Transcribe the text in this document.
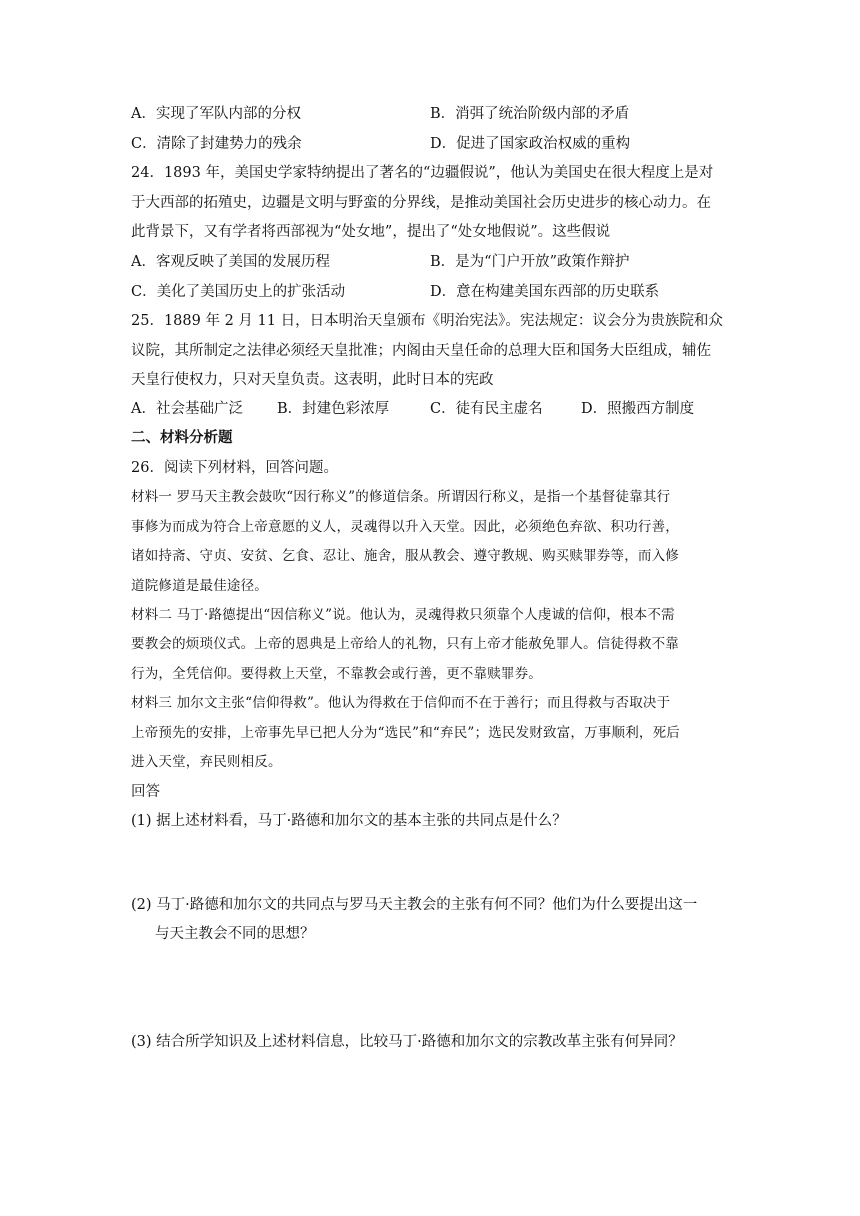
A．实现了军队内部的分权	B．消弭了统治阶级内部的矛盾
C．清除了封建势力的残余	D．促进了国家政治权威的重构
24．1893 年，美国史学家特纳提出了著名的“边疆假说”，他认为美国史在很大程度上是对
于大西部的拓殖史，边疆是文明与野蛮的分界线，是推动美国社会历史进步的核心动力。在
此背景下，又有学者将西部视为“处女地”，提出了“处女地假说”。这些假说
A．客观反映了美国的发展历程	B．是为“门户开放”政策作辩护
C．美化了美国历史上的扩张活动	D．意在构建美国东西部的历史联系
25．1889 年 2 月 11 日，日本明治天皇颁布《明治宪法》。宪法规定：议会分为贵族院和众
议院，其所制定之法律必须经天皇批准；内阁由天皇任命的总理大臣和国务大臣组成，辅佐
天皇行使权力，只对天皇负责。这表明，此时日本的宪政
A．社会基础广泛 B．封建色彩浓厚	C．徒有民主虚名	D．照搬西方制度
二、材料分析题
26．阅读下列材料，回答问题。
材料一 罗马天主教会鼓吹“因行称义”的修道信条。所谓因行称义，是指一个基督徒靠其行
事修为而成为符合上帝意愿的义人，灵魂得以升入天堂。因此，必须绝色弃欲、积功行善，
诸如持斋、守贞、安贫、乞食、忍让、施舍，服从教会、遵守教规、购买赎罪券等，而入修
道院修道是最佳途径。
材料二 马丁·路德提出“因信称义”说。他认为，灵魂得救只须靠个人虔诚的信仰，根本不需
要教会的烦琐仪式。上帝的恩典是上帝给人的礼物，只有上帝才能赦免罪人。信徒得救不靠
行为，全凭信仰。要得救上天堂，不靠教会或行善，更不靠赎罪券。
材料三 加尔文主张“信仰得救”。他认为得救在于信仰而不在于善行；而且得救与否取决于
上帝预先的安排，上帝事先早已把人分为“选民”和“弃民”；选民发财致富，万事顺利，死后
进入天堂，弃民则相反。
回答
(1) 据上述材料看，马丁·路德和加尔文的基本主张的共同点是什么？
(2) 马丁·路德和加尔文的共同点与罗马天主教会的主张有何不同？他们为什么要提出这一
与天主教会不同的思想？
(3) 结合所学知识及上述材料信息，比较马丁·路德和加尔文的宗教改革主张有何异同？
